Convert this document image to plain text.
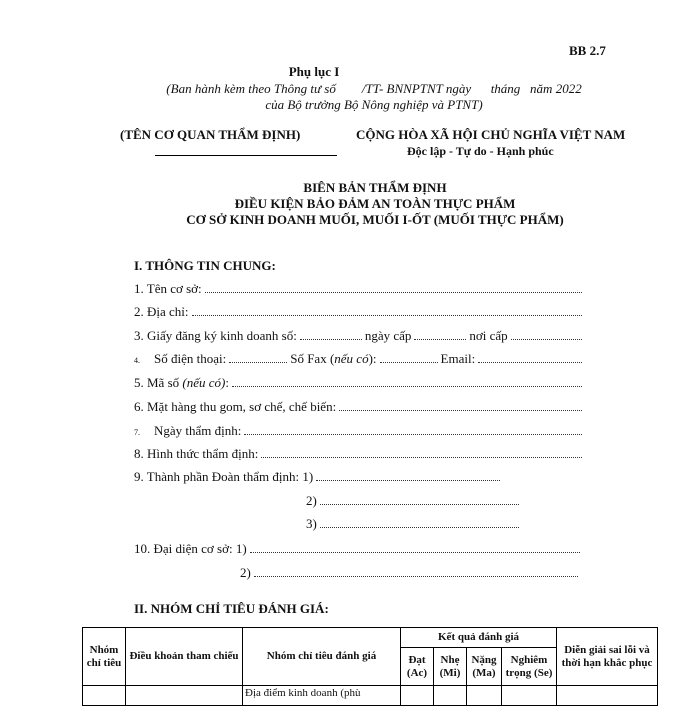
BB 2.7
Phụ lục I
(Ban hành kèm theo Thông tư số        /TT- BNNPTNT ngày      tháng   năm 2022
của Bộ trưởng Bộ Nông nghiệp và PTNT)
(TÊN CƠ QUAN THẨM ĐỊNH)	CỘNG HÒA XÃ HỘI CHỦ NGHĨA VIỆT NAM
Độc lập - Tự do - Hạnh phúc
BIÊN BẢN THẨM ĐỊNH
ĐIỀU KIỆN BẢO ĐẢM AN TOÀN THỰC PHẨM
CƠ SỞ KINH DOANH MUỐI, MUỐI I-ỐT (MUỐI THỰC PHẨM)
I. THÔNG TIN CHUNG:
1. Tên cơ sở:
2. Địa chỉ:
3. Giấy đăng ký kinh doanh số:	ngày cấp	nơi cấp
4. Số điện thoại:	Số Fax (nếu có):	Email:
5. Mã số (nếu có):
6. Mặt hàng thu gom, sơ chế, chế biến:
7. Ngày thẩm định:
8. Hình thức thẩm định:
9. Thành phần Đoàn thẩm định: 1)
2)
3)
10. Đại diện cơ sở: 1)
2)
II. NHÓM CHỈ TIÊU ĐÁNH GIÁ:
Nhóm chỉ tiêu	Điều khoản tham chiếu	Nhóm chỉ tiêu đánh giá	Kết quả đánh giá				Diễn giải sai lỗi và thời hạn khắc phục
			Đạt (Ac)	Nhẹ (Mi)	Nặng (Ma)	Nghiêm trọng (Se)	
		Địa điểm kinh doanh (phù					
